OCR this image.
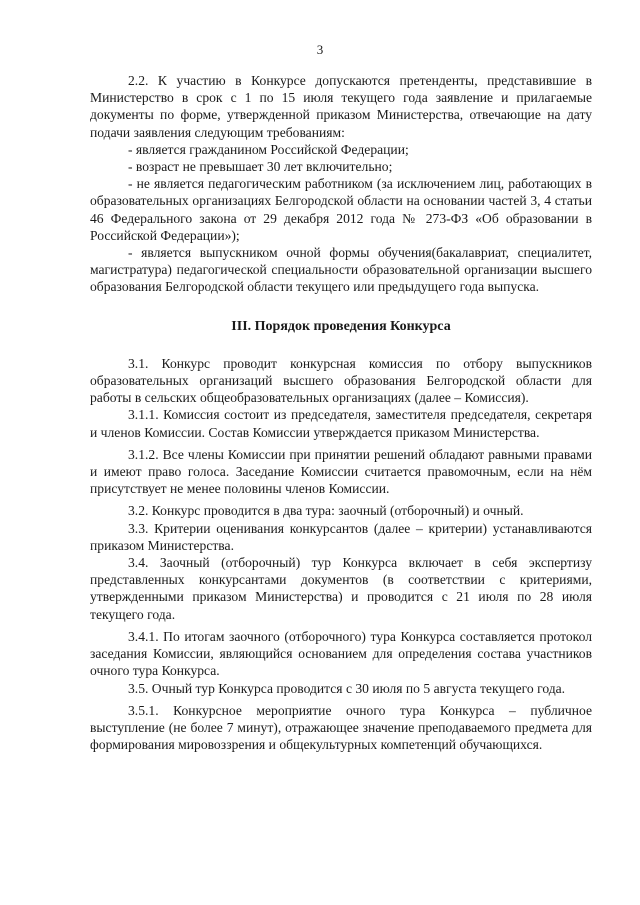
3

2.2. К участию в Конкурсе допускаются претенденты, представившие в Министерство в срок с 1 по 15 июля текущего года заявление и прилагаемые документы по форме, утвержденной приказом Министерства, отвечающие на дату подачи заявления следующим требованиям:

- является гражданином Российской Федерации;

- возраст не превышает 30 лет включительно;

- не является педагогическим работником (за исключением лиц, работающих в образовательных организациях Белгородской области на основании частей 3, 4 статьи 46 Федерального закона от 29 декабря 2012 года № 273-ФЗ «Об образовании в Российской Федерации»);

- является выпускником очной формы обучения(бакалавриат, специалитет, магистратура) педагогической специальности образовательной организации высшего образования Белгородской области текущего или предыдущего года выпуска.

III. Порядок проведения Конкурса

3.1. Конкурс проводит конкурсная комиссия по отбору выпускников образовательных организаций высшего образования Белгородской области для работы в сельских общеобразовательных организациях (далее – Комиссия).

3.1.1. Комиссия состоит из председателя, заместителя председателя, секретаря и членов Комиссии. Состав Комиссии утверждается приказом Министерства.

3.1.2. Все члены Комиссии при принятии решений обладают равными правами и имеют право голоса. Заседание Комиссии считается правомочным, если на нём присутствует не менее половины членов Комиссии.

3.2. Конкурс проводится в два тура: заочный (отборочный) и очный.

3.3. Критерии оценивания конкурсантов (далее – критерии) устанавливаются приказом Министерства.

3.4. Заочный (отборочный) тур Конкурса включает в себя экспертизу представленных конкурсантами документов (в соответствии с критериями, утвержденными приказом Министерства) и проводится с 21 июля по 28 июля текущего года.

3.4.1. По итогам заочного (отборочного) тура Конкурса составляется протокол заседания Комиссии, являющийся основанием для определения состава участников очного тура Конкурса.

3.5. Очный тур Конкурса проводится с 30 июля по 5 августа текущего года.

3.5.1. Конкурсное мероприятие очного тура Конкурса – публичное выступление (не более 7 минут), отражающее значение преподаваемого предмета для формирования мировоззрения и общекультурных компетенций обучающихся.
